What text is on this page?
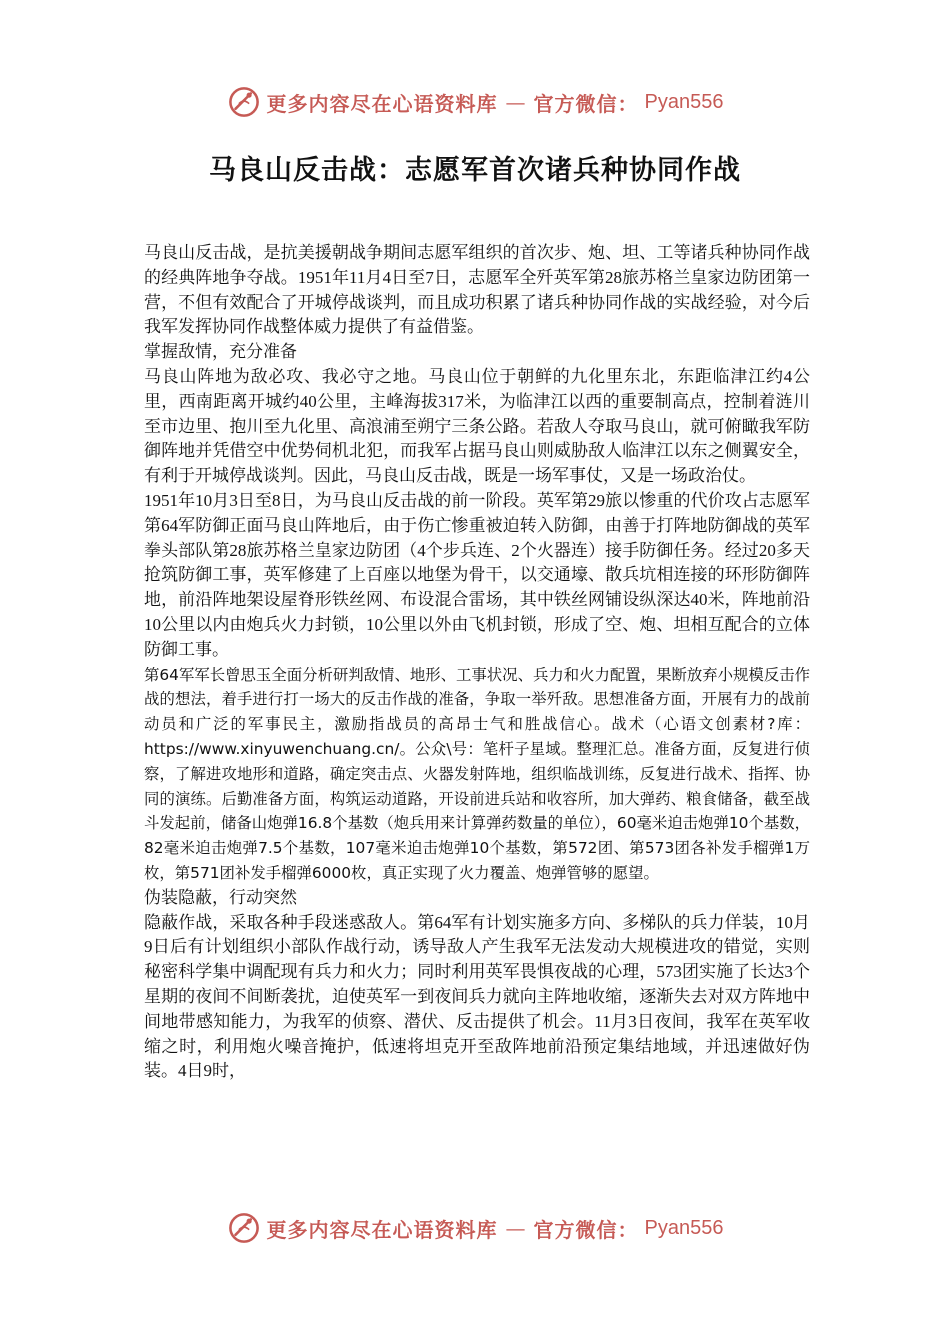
更多内容尽在心语资料库 — 官方微信： Pyan556
马良山反击战：志愿军首次诸兵种协同作战

马良山反击战，是抗美援朝战争期间志愿军组织的首次步、炮、坦、工等诸兵种协同作战的经典阵地争夺战。1951年11月4日至7日，志愿军全歼英军第28旅苏格兰皇家边防团第一营，不但有效配合了开城停战谈判，而且成功积累了诸兵种协同作战的实战经验，对今后我军发挥协同作战整体威力提供了有益借鉴。

掌握敌情，充分准备

马良山阵地为敌必攻、我必守之地。马良山位于朝鲜的九化里东北，东距临津江约4公里，西南距离开城约40公里，主峰海拔317米，为临津江以西的重要制高点，控制着涟川至市边里、抱川至九化里、高浪浦至朔宁三条公路。若敌人夺取马良山，就可俯瞰我军防御阵地并凭借空中优势伺机北犯，而我军占据马良山则威胁敌人临津江以东之侧翼安全，有利于开城停战谈判。因此，马良山反击战，既是一场军事仗，又是一场政治仗。

1951年10月3日至8日，为马良山反击战的前一阶段。英军第29旅以惨重的代价攻占志愿军第64军防御正面马良山阵地后，由于伤亡惨重被迫转入防御，由善于打阵地防御战的英军拳头部队第28旅苏格兰皇家边防团（4个步兵连、2个火器连）接手防御任务。经过20多天抢筑防御工事，英军修建了上百座以地堡为骨干，以交通壕、散兵坑相连接的环形防御阵地，前沿阵地架设屋脊形铁丝网、布设混合雷场，其中铁丝网铺设纵深达40米，阵地前沿10公里以内由炮兵火力封锁，10公里以外由飞机封锁，形成了空、炮、坦相互配合的立体防御工事。

第64军军长曾思玉全面分析研判敌情、地形、工事状况、兵力和火力配置，果断放弃小规模反击作战的想法，着手进行打一场大的反击作战的准备，争取一举歼敌。思想准备方面，开展有力的战前动员和广泛的军事民主，激励指战员的高昂士气和胜战信心。战术（心语文创素材?库：https://www.xinyuwenchuang.cn/。公众\号：笔杆子星域。整理汇总。准备方面，反复进行侦察，了解进攻地形和道路，确定突击点、火器发射阵地，组织临战训练，反复进行战术、指挥、协同的演练。后勤准备方面，构筑运动道路，开设前进兵站和收容所，加大弹药、粮食储备，截至战斗发起前，储备山炮弹16.8个基数（炮兵用来计算弹药数量的单位），60毫米迫击炮弹10个基数，82毫米迫击炮弹7.5个基数，107毫米迫击炮弹10个基数，第572团、第573团各补发手榴弹1万枚，第571团补发手榴弹6000枚，真正实现了火力覆盖、炮弹管够的愿望。

伪装隐蔽，行动突然

隐蔽作战，采取各种手段迷惑敌人。第64军有计划实施多方向、多梯队的兵力佯装，10月9日后有计划组织小部队作战行动，诱导敌人产生我军无法发动大规模进攻的错觉，实则秘密科学集中调配现有兵力和火力；同时利用英军畏惧夜战的心理，573团实施了长达3个星期的夜间不间断袭扰，迫使英军一到夜间兵力就向主阵地收缩，逐渐失去对双方阵地中间地带感知能力，为我军的侦察、潜伏、反击提供了机会。11月3日夜间，我军在英军收缩之时，利用炮火噪音掩护，低速将坦克开至敌阵地前沿预定集结地域，并迅速做好伪装。4日9时，

更多内容尽在心语资料库 — 官方微信： Pyan556
